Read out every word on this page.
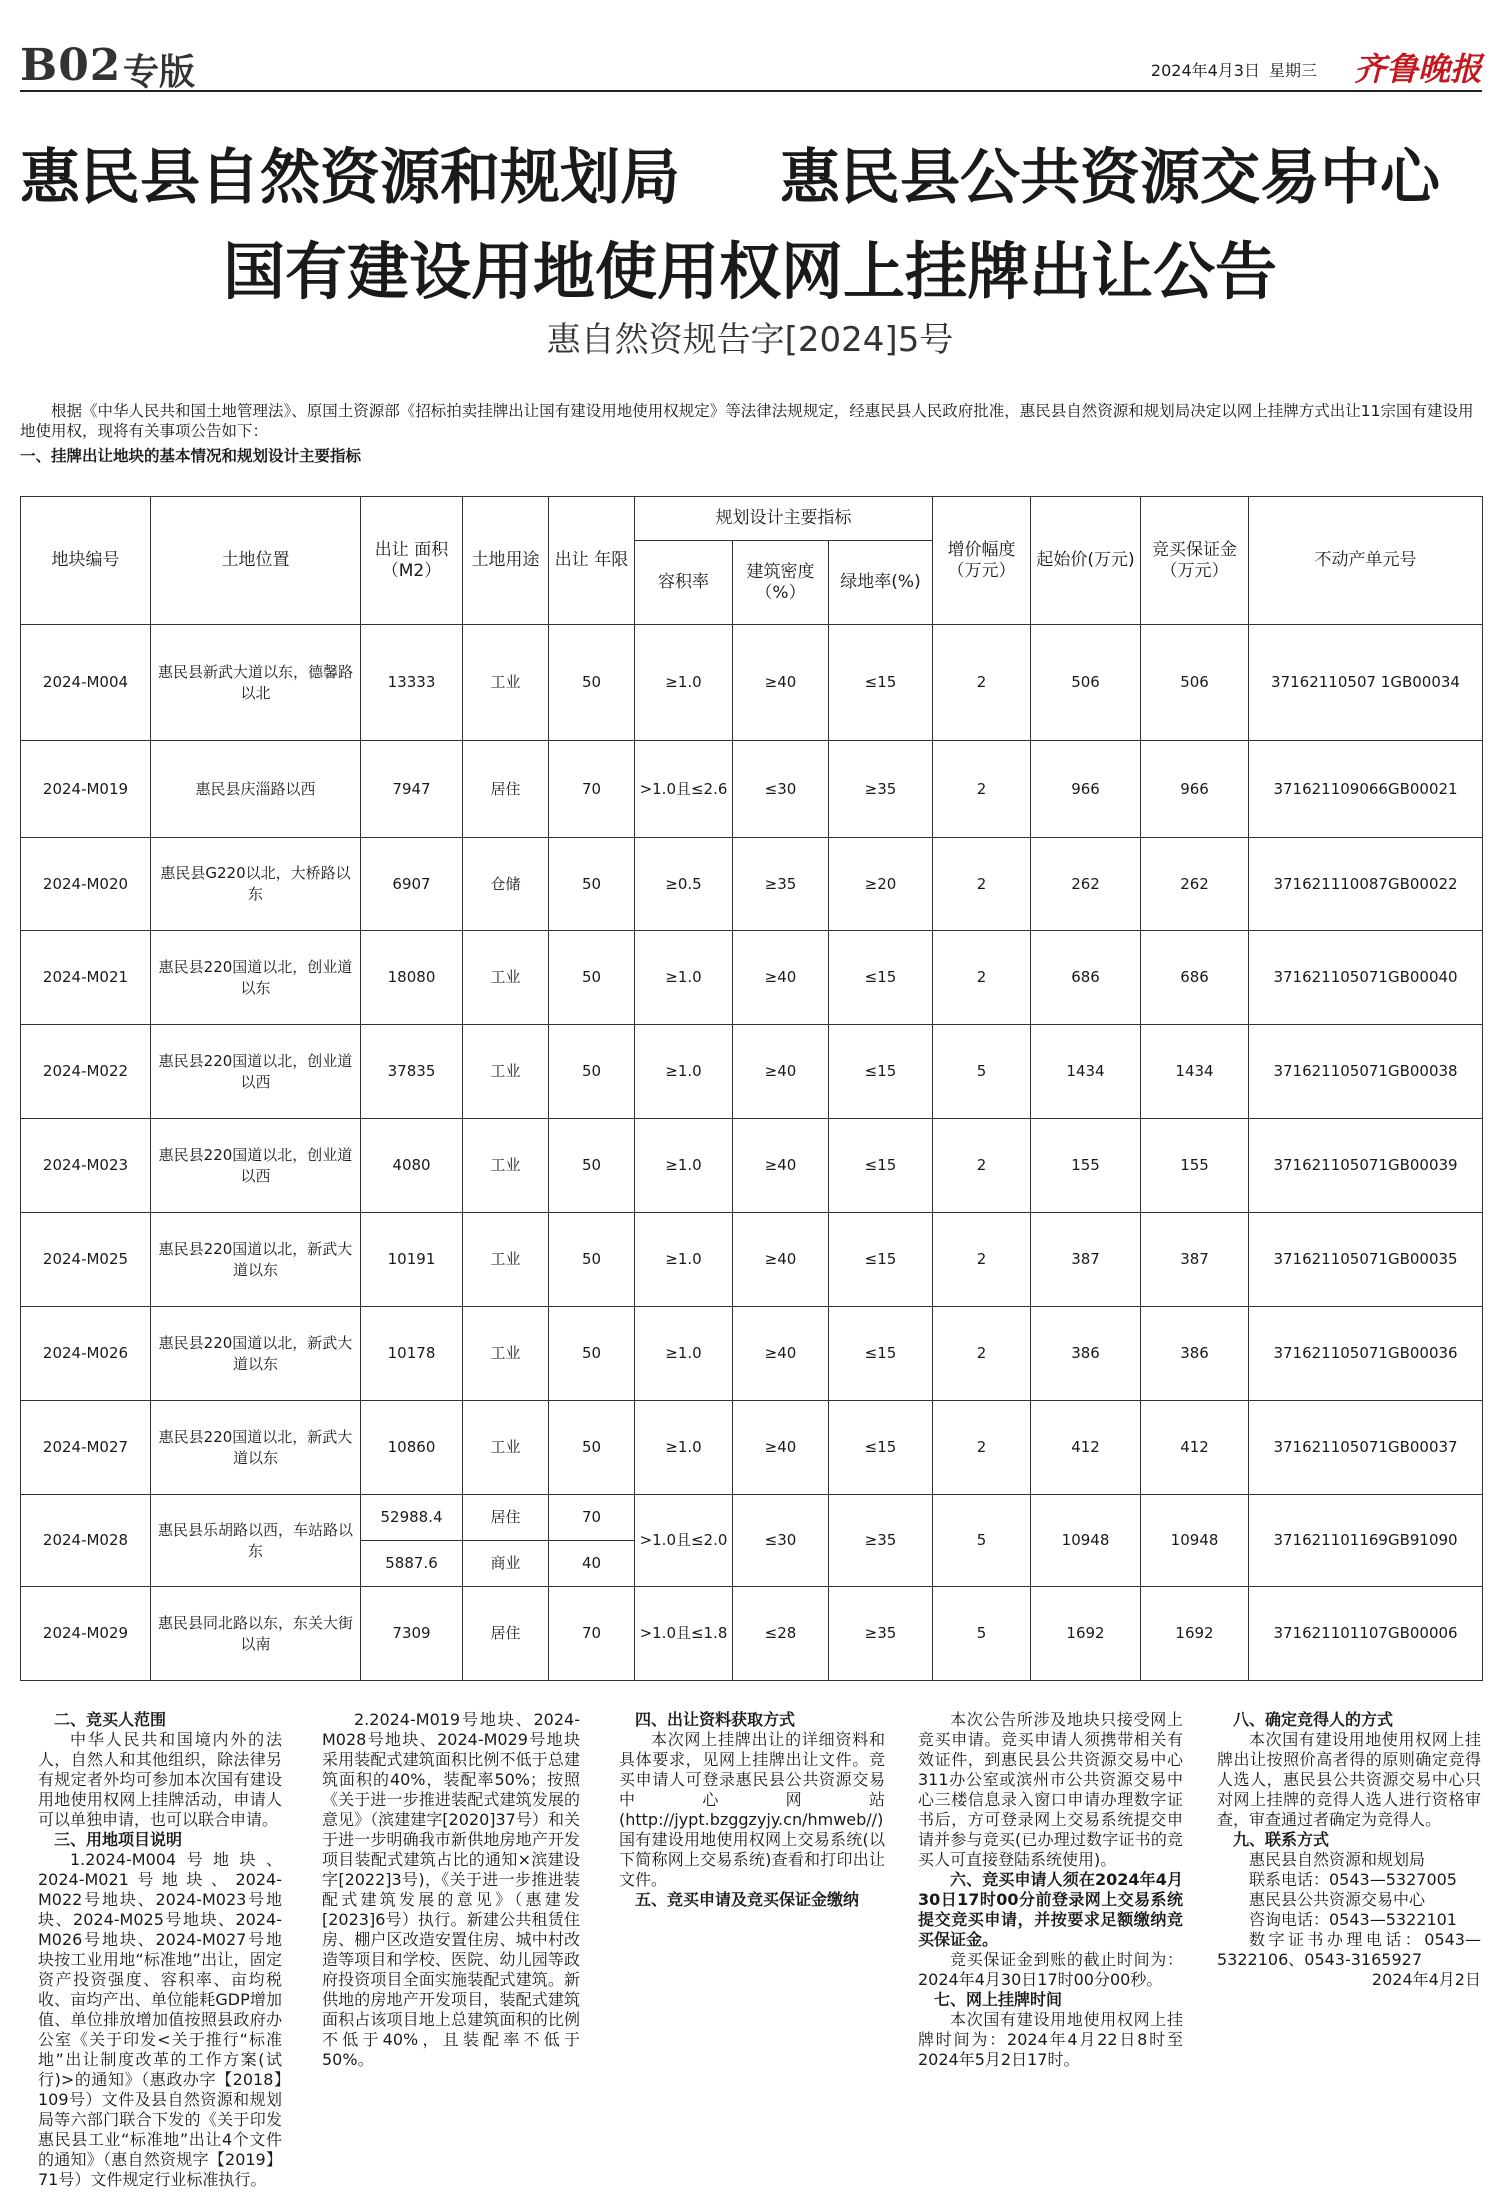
B02 专版	2024年4月3日 星期三 齐鲁晚报
惠民县自然资源和规划局 惠民县公共资源交易中心
国有建设用地使用权网上挂牌出让公告
惠自然资规告字[2024]5号
根据《中华人民共和国土地管理法》、原国土资源部《招标拍卖挂牌出让国有建设用地使用权规定》等法律法规规定，经惠民县人民政府批准，惠民县自然资源和规划局决定以网上挂牌方式出让11宗国有建设用地使用权，现将有关事项公告如下：
一、挂牌出让地块的基本情况和规划设计主要指标
地块编号	土地位置	出让 面积（M2）	土地用途	出让 年限	规划设计主要指标			增价幅度（万元）	起始价(万元)	竞买保证金（万元）	不动产单元号
					容积率	建筑密度（%）	绿地率(%)				
2024-M004	惠民县新武大道以东，德馨路以北	13333	工业	50	≥1.0	≥40	≤15	2	506	506	37162110507 1GB00034
2024-M019	惠民县庆淄路以西	7947	居住	70	>1.0且≤2.6	≤30	≥35	2	966	966	371621109066GB00021
2024-M020	惠民县G220以北，大桥路以东	6907	仓储	50	≥0.5	≥35	≥20	2	262	262	371621110087GB00022
2024-M021	惠民县220国道以北，创业道以东	18080	工业	50	≥1.0	≥40	≤15	2	686	686	371621105071GB00040
2024-M022	惠民县220国道以北，创业道以西	37835	工业	50	≥1.0	≥40	≤15	5	1434	1434	371621105071GB00038
2024-M023	惠民县220国道以北，创业道以西	4080	工业	50	≥1.0	≥40	≤15	2	155	155	371621105071GB00039
2024-M025	惠民县220国道以北，新武大道以东	10191	工业	50	≥1.0	≥40	≤15	2	387	387	371621105071GB00035
2024-M026	惠民县220国道以北，新武大道以东	10178	工业	50	≥1.0	≥40	≤15	2	386	386	371621105071GB00036
2024-M027	惠民县220国道以北，新武大道以东	10860	工业	50	≥1.0	≥40	≤15	2	412	412	371621105071GB00037
2024-M028	惠民县乐胡路以西，车站路以东	52988.4	居住	70	>1.0且≤2.0	≤30	≥35	5	10948	10948	371621101169GB91090
		5887.6	商业	40							
2024-M029	惠民县同北路以东，东关大街以南	7309	居住	70	>1.0且≤1.8	≤28	≥35	5	1692	1692	371621101107GB00006

二、竞买人范围

中华人民共和国境内外的法人，自然人和其他组织，除法律另有规定者外均可参加本次国有建设用地使用权网上挂牌活动，申请人可以单独申请，也可以联合申请。

三、用地项目说明

1.2024-M004号地块、2024-M021号地块、2024-M022号地块、2024-M023号地块、2024-M025号地块、2024-M026号地块、2024-M027号地块按工业用地“标准地”出让，固定资产投资强度、容积率、亩均税收、亩均产出、单位能耗GDP增加值、单位排放增加值按照县政府办公室《关于印发<关于推行“标准地”出让制度改革的工作方案(试行)>的通知》（惠政办字【2018】109号）文件及县自然资源和规划局等六部门联合下发的《关于印发惠民县工业“标准地”出让4个文件的通知》（惠自然资规字【2019】71号）文件规定行业标准执行。

2.2024-M019号地块、2024-M028号地块、2024-M029号地块采用装配式建筑面积比例不低于总建筑面积的40%，装配率50%；按照《关于进一步推进装配式建筑发展的意见》（滨建建字[2020]37号）和关于进一步明确我市新供地房地产开发项目装配式建筑占比的通知×滨建设字[2022]3号)，《关于进一步推进装配式建筑发展的意见》（惠建发[2023]6号）执行。新建公共租赁住房、棚户区改造安置住房、城中村改造等项目和学校、医院、幼儿园等政府投资项目全面实施装配式建筑。新供地的房地产开发项目，装配式建筑面积占该项目地上总建筑面积的比例不低于40%，且装配率不低于50%。

四、出让资料获取方式

本次网上挂牌出让的详细资料和具体要求，见网上挂牌出让文件。竞买申请人可登录惠民县公共资源交易中心网站(http://jypt.bzggzyjy.cn/hmweb//)国有建设用地使用权网上交易系统(以下简称网上交易系统)查看和打印出让文件。

五、竞买申请及竞买保证金缴纳

本次公告所涉及地块只接受网上竞买申请。竞买申请人须携带相关有效证件，到惠民县公共资源交易中心311办公室或滨州市公共资源交易中心三楼信息录入窗口申请办理数字证书后，方可登录网上交易系统提交申请并参与竞买(已办理过数字证书的竞买人可直接登陆系统使用)。

六、竞买申请人须在2024年4月30日17时00分前登录网上交易系统提交竞买申请，并按要求足额缴纳竞买保证金。

竞买保证金到账的截止时间为：2024年4月30日17时00分00秒。

七、网上挂牌时间

本次国有建设用地使用权网上挂牌时间为：2024年4月22日8时至2024年5月2日17时。

八、确定竞得人的方式

本次国有建设用地使用权网上挂牌出让按照价高者得的原则确定竞得人选人，惠民县公共资源交易中心只对网上挂牌的竞得人选人进行资格审查，审查通过者确定为竞得人。

九、联系方式

惠民县自然资源和规划局

联系电话：0543—5327005

惠民县公共资源交易中心

咨询电话：0543—5322101

数字证书办理电话：0543—5322106、0543-3165927

2024年4月2日
